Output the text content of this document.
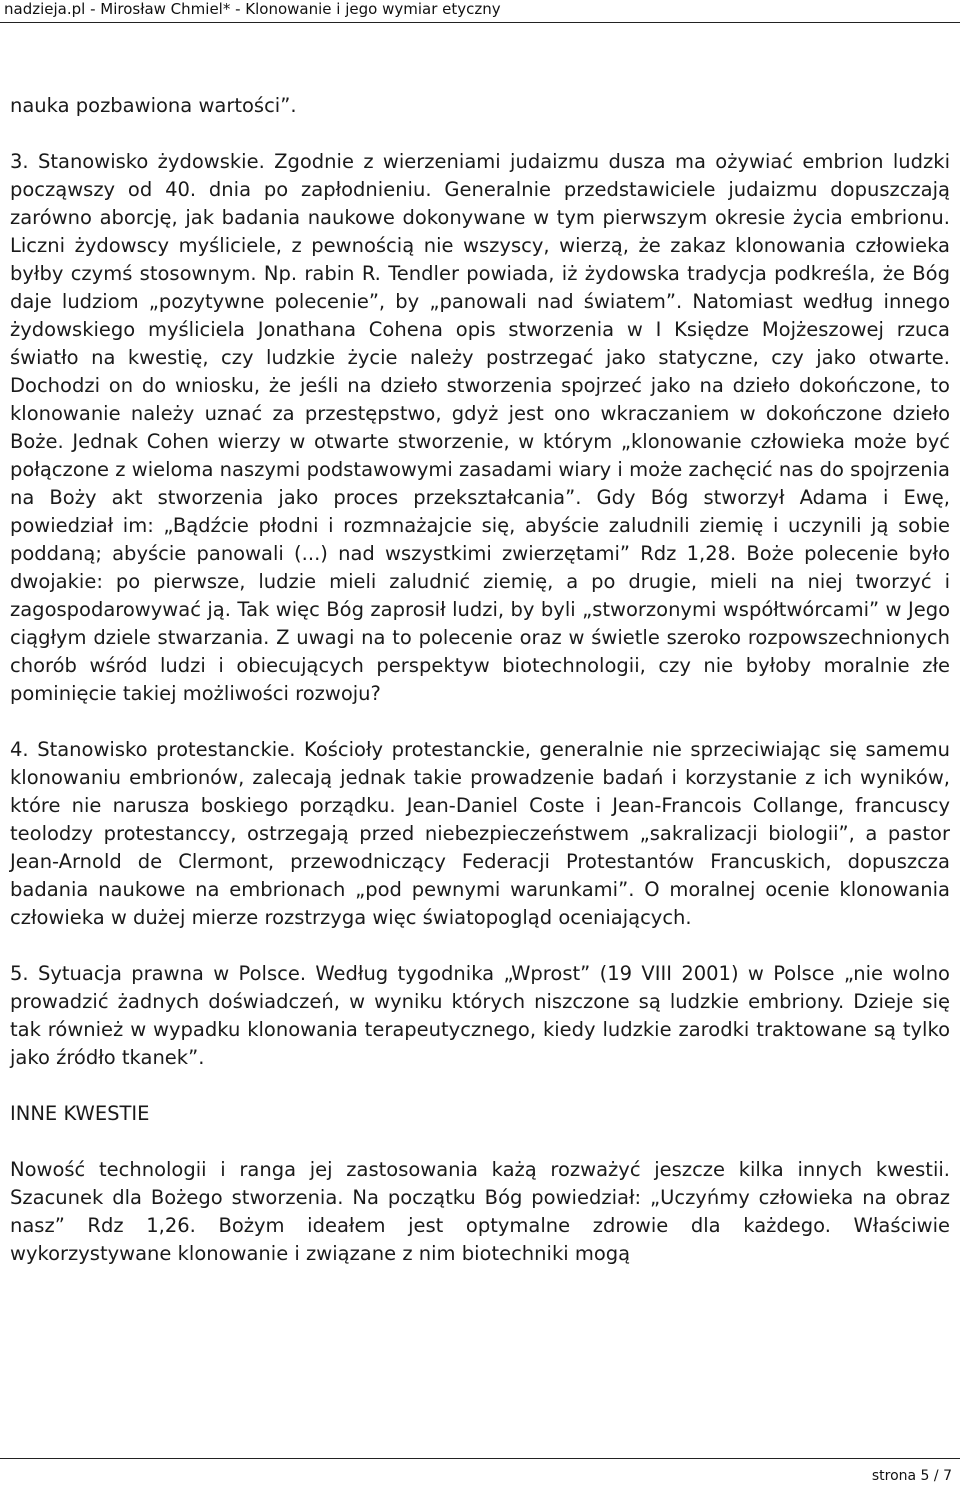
nadzieja.pl - Mirosław Chmiel* - Klonowanie i jego wymiar etyczny

nauka pozbawiona wartości”.

3. Stanowisko żydowskie. Zgodnie z wierzeniami judaizmu dusza ma ożywiać embrion ludzki począwszy od 40. dnia po zapłodnieniu. Generalnie przedstawiciele judaizmu dopuszczają zarówno aborcję, jak badania naukowe dokonywane w tym pierwszym okresie życia embrionu. Liczni żydowscy myśliciele, z pewnością nie wszyscy, wierzą, że zakaz klonowania człowieka byłby czymś stosownym. Np. rabin R. Tendler powiada, iż żydowska tradycja podkreśla, że Bóg daje ludziom „pozytywne polecenie”, by „panowali nad światem”. Natomiast według innego żydowskiego myśliciela Jonathana Cohena opis stworzenia w I Księdze Mojżeszowej rzuca światło na kwestię, czy ludzkie życie należy postrzegać jako statyczne, czy jako otwarte. Dochodzi on do wniosku, że jeśli na dzieło stworzenia spojrzeć jako na dzieło dokończone, to klonowanie należy uznać za przestępstwo, gdyż jest ono wkraczaniem w dokończone dzieło Boże. Jednak Cohen wierzy w otwarte stworzenie, w którym „klonowanie człowieka może być połączone z wieloma naszymi podstawowymi zasadami wiary i może zachęcić nas do spojrzenia na Boży akt stworzenia jako proces przekształcania”. Gdy Bóg stworzył Adama i Ewę, powiedział im: „Bądźcie płodni i rozmnażajcie się, abyście zaludnili ziemię i uczynili ją sobie poddaną; abyście panowali (...) nad wszystkimi zwierzętami” Rdz 1,28. Boże polecenie było dwojakie: po pierwsze, ludzie mieli zaludnić ziemię, a po drugie, mieli na niej tworzyć i zagospodarowywać ją. Tak więc Bóg zaprosił ludzi, by byli „stworzonymi współtwórcami” w Jego ciągłym dziele stwarzania. Z uwagi na to polecenie oraz w świetle szeroko rozpowszechnionych chorób wśród ludzi i obiecujących perspektyw biotechnologii, czy nie byłoby moralnie złe pominięcie takiej możliwości rozwoju?

4. Stanowisko protestanckie. Kościoły protestanckie, generalnie nie sprzeciwiając się samemu klonowaniu embrionów, zalecają jednak takie prowadzenie badań i korzystanie z ich wyników, które nie narusza boskiego porządku. Jean-Daniel Coste i Jean-Francois Collange, francuscy teolodzy protestanccy, ostrzegają przed niebezpieczeństwem „sakralizacji biologii”, a pastor Jean-Arnold de Clermont, przewodniczący Federacji Protestantów Francuskich, dopuszcza badania naukowe na embrionach „pod pewnymi warunkami”. O moralnej ocenie klonowania człowieka w dużej mierze rozstrzyga więc światopogląd oceniających.

5. Sytuacja prawna w Polsce. Według tygodnika „Wprost” (19 VIII 2001) w Polsce „nie wolno prowadzić żadnych doświadczeń, w wyniku których niszczone są ludzkie embriony. Dzieje się tak również w wypadku klonowania terapeutycznego, kiedy ludzkie zarodki traktowane są tylko jako źródło tkanek”.

INNE KWESTIE

Nowość technologii i ranga jej zastosowania każą rozważyć jeszcze kilka innych kwestii. Szacunek dla Bożego stworzenia. Na początku Bóg powiedział: „Uczyńmy człowieka na obraz nasz” Rdz 1,26. Bożym ideałem jest optymalne zdrowie dla każdego. Właściwie wykorzystywane klonowanie i związane z nim biotechniki mogą

strona 5 / 7
